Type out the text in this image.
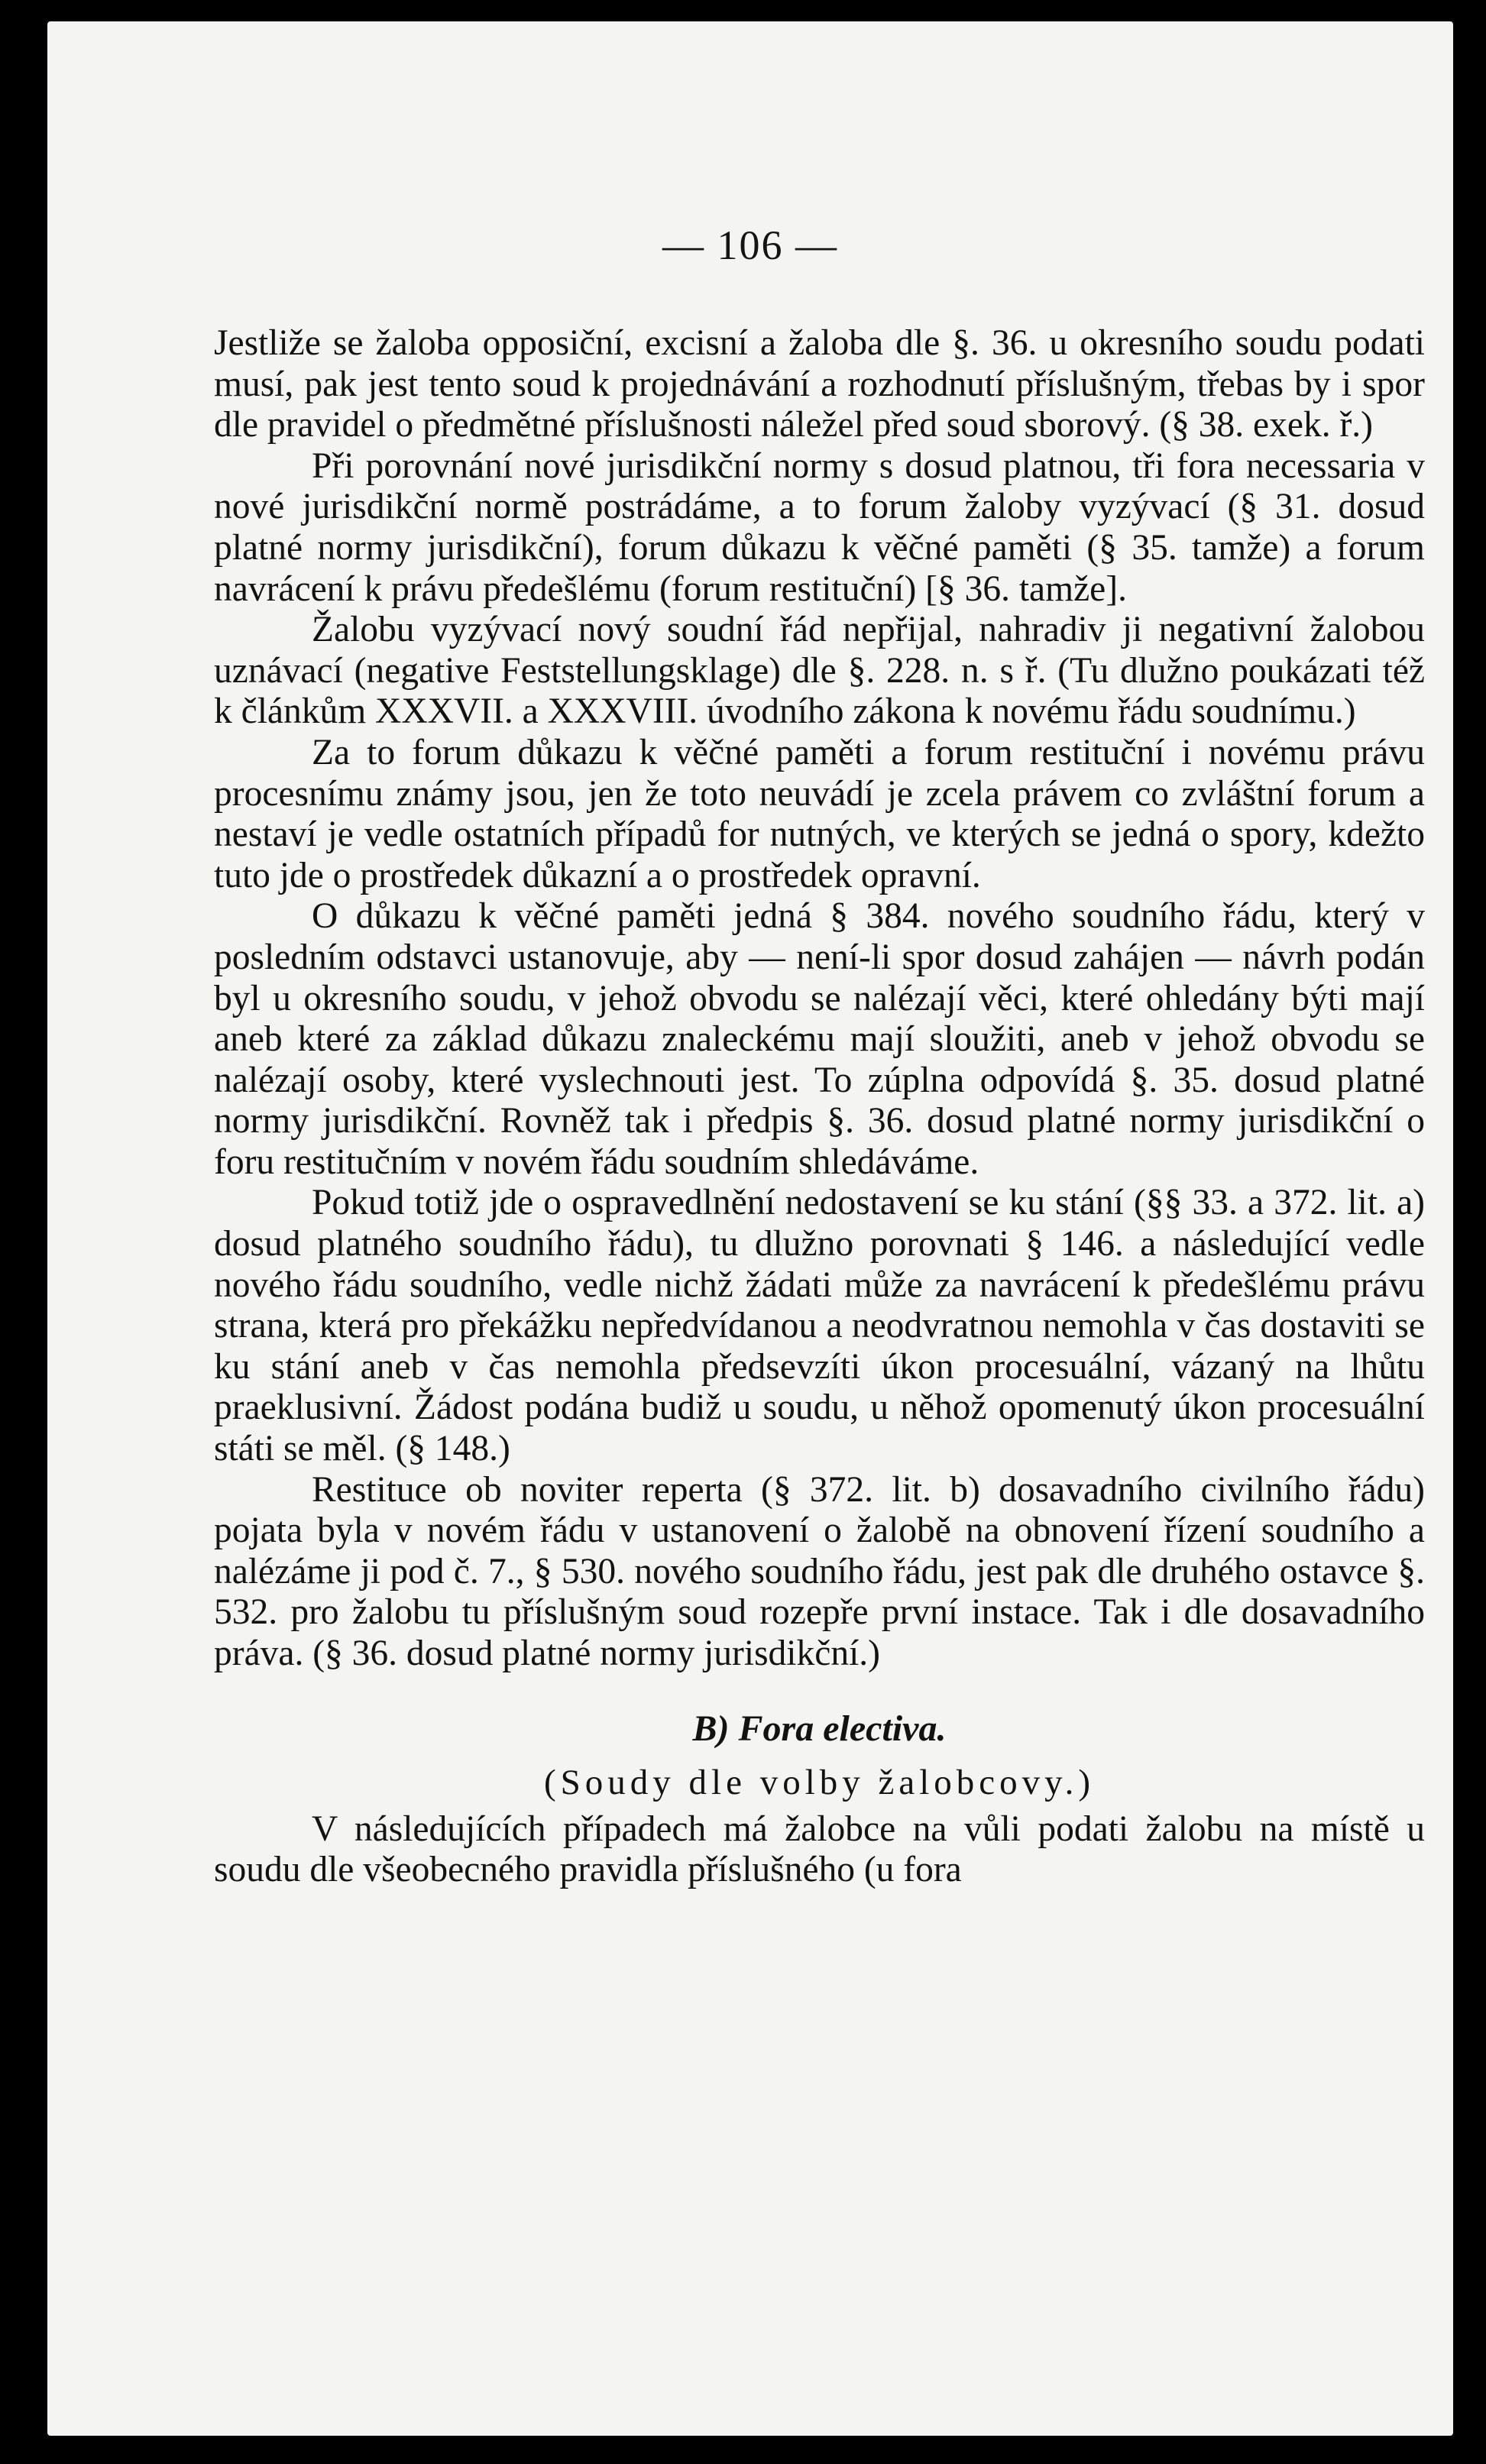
— 106 —

Jestliže se žaloba opposiční, excisní a žaloba dle §. 36. u okresního soudu podati musí, pak jest tento soud k projednávání a rozhodnutí příslušným, třebas by i spor dle pravidel o předmětné příslušnosti náležel před soud sborový. (§ 38. exek. ř.)

Při porovnání nové jurisdikční normy s dosud platnou, tři fora necessaria v nové jurisdikční normě postrádáme, a to forum žaloby vyzývací (§ 31. dosud platné normy jurisdikční), forum důkazu k věčné paměti (§ 35. tamže) a forum navrácení k právu předešlému (forum restituční) [§ 36. tamže].

Žalobu vyzývací nový soudní řád nepřijal, nahradiv ji negativní žalobou uznávací (negative Feststellungsklage) dle §. 228. n. s ř. (Tu dlužno poukázati též k článkům XXXVII. a XXXVIII. úvodního zákona k novému řádu soudnímu.)

Za to forum důkazu k věčné paměti a forum restituční i novému právu procesnímu známy jsou, jen že toto neuvádí je zcela právem co zvláštní forum a nestaví je vedle ostatních případů for nutných, ve kterých se jedná o spory, kdežto tuto jde o prostředek důkazní a o prostředek opravní.

O důkazu k věčné paměti jedná § 384. nového soudního řádu, který v posledním odstavci ustanovuje, aby — není-li spor dosud zahájen — návrh podán byl u okresního soudu, v jehož obvodu se nalézají věci, které ohledány býti mají aneb které za základ důkazu znaleckému mají sloužiti, aneb v jehož obvodu se nalézají osoby, které vyslechnouti jest. To zúplna odpovídá §. 35. dosud platné normy jurisdikční. Rovněž tak i předpis §. 36. dosud platné normy jurisdikční o foru restitučním v novém řádu soudním shledáváme.

Pokud totiž jde o ospravedlnění nedostavení se ku stání (§§ 33. a 372. lit. a) dosud platného soudního řádu), tu dlužno porovnati § 146. a následující vedle nového řádu soudního, vedle nichž žádati může za navrácení k předešlému právu strana, která pro překážku nepředvídanou a neodvratnou nemohla v čas dostaviti se ku stání aneb v čas nemohla předsevzíti úkon procesuální, vázaný na lhůtu praeklusivní. Žádost podána budiž u soudu, u něhož opomenutý úkon procesuální státi se měl. (§ 148.)

Restituce ob noviter reperta (§ 372. lit. b) dosavadního civilního řádu) pojata byla v novém řádu v ustanovení o žalobě na obnovení řízení soudního a nalézáme ji pod č. 7., § 530. nového soudního řádu, jest pak dle druhého ostavce §. 532. pro žalobu tu příslušným soud rozepře první instace. Tak i dle dosavadního práva. (§ 36. dosud platné normy jurisdikční.)

B) Fora electiva.

(Soudy dle volby žalobcovy.)

V následujících případech má žalobce na vůli podati žalobu na místě u soudu dle všeobecného pravidla příslušného (u fora
